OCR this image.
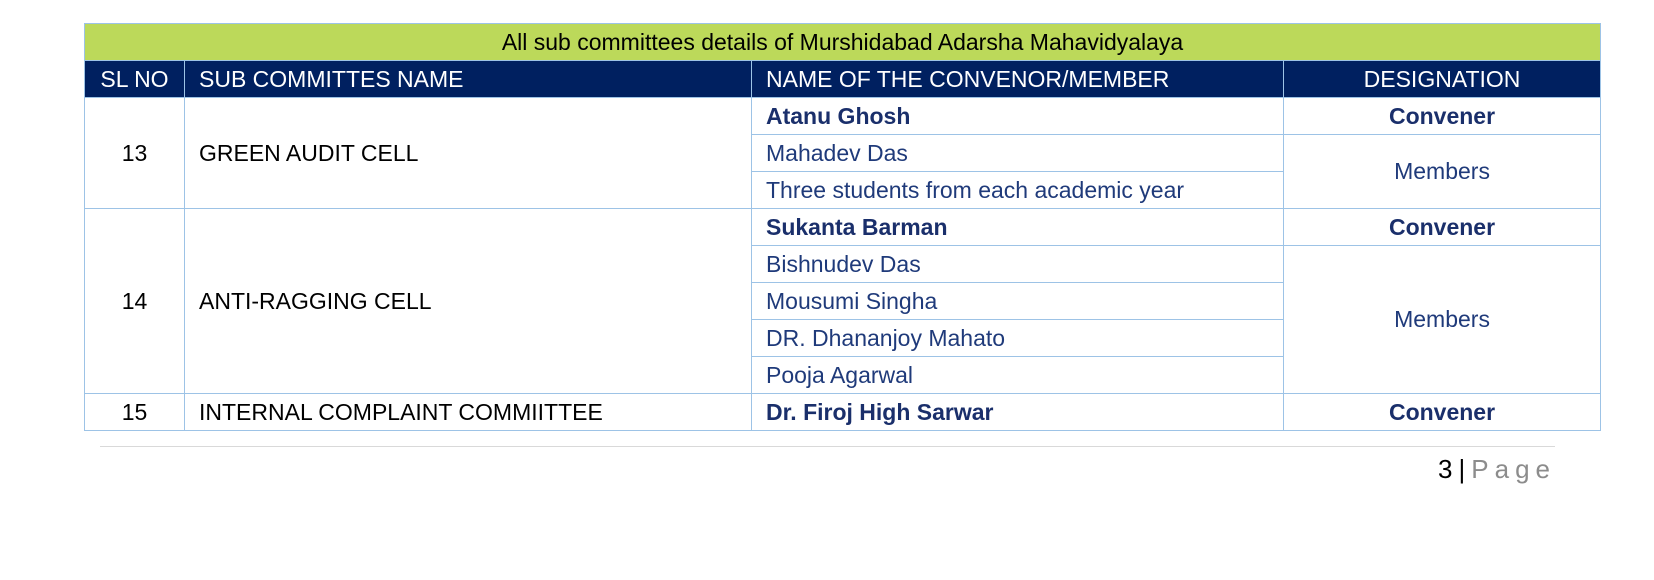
All sub committees details of Murshidabad Adarsha Mahavidyalaya			
SL NO	SUB COMMITTES NAME	NAME OF THE CONVENOR/MEMBER	DESIGNATION
13	GREEN AUDIT CELL	Atanu Ghosh	Convener
		Mahadev Das	Members
		Three students from each academic year	
14	ANTI-RAGGING CELL	Sukanta Barman	Convener
		Bishnudev Das	Members
		Mousumi Singha	
		DR. Dhananjoy Mahato	
		Pooja Agarwal	
15	INTERNAL COMPLAINT COMMIITTEE	Dr. Firoj High Sarwar	Convener
3 | Page
